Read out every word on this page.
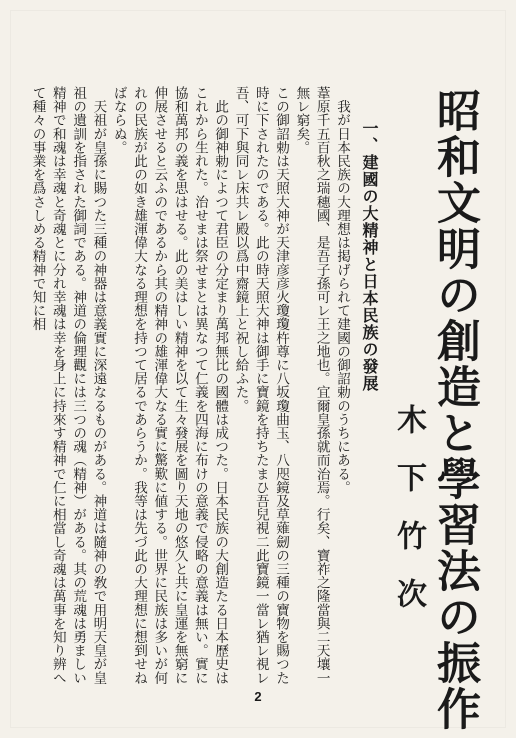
昭和文明の創造と學習法の振作
木下竹次
一、建國の大精神と日本民族の發展

　我が日本民族の大理想は掲げられて建國の御詔勅のうちにある。
葦原千五百秋之瑞穗國、是吾子孫可レ王之地也。宜爾皇孫就而治焉。行矣、寶祚之隆當與二天壤一無レ窮矣。
この御詔勅は天照大神が天津彦彦火瓊瓊杵尊に八坂瓊曲玉、八咫鏡及草薙劒の三種の寶物を賜つた時に下されたのである。此の時天照大神は御手に寶鏡を持ちたまひ吾兒視二此寶鏡一當レ猶レ視レ吾、可下與同レ床共レ殿以爲中齋鏡上と祝し給ふた。

　此の御神勅によつて君臣の分定まり萬邦無比の國體は成つた。日本民族の大創造たる日本歷史はこれから生れた。治せまは祭せまとは異なつて仁義を四海に布けの意義で侵略の意義は無い。實に協和萬邦の義を思はせる。此の美はしい精神を以て生々發展を圖り天地の悠久と共に皇運を無窮に伸展させると云ふのであるから其の精神の雄渾偉大なる實に驚歎に値する。世界に民族は多いが何れの民族が此の如き雄渾偉大なる理想を持つて居るであらうか。我等は先づ此の大理想に想到せねばならぬ。

　天祖が皇孫に賜つた三種の神器は意義實に深遠なるものがある。神道は隨神の敎で用明天皇が皇祖の遺訓を指された御詞である。神道の倫理觀には三つの魂（精神）がある。其の荒魂は勇ましい精神で和魂は幸魂と奇魂とに分れ幸魂は幸を身上に持來す精神で仁に相當し奇魂は萬事を知り辨へて種々の事業を爲さしめる精神で知に相

2
